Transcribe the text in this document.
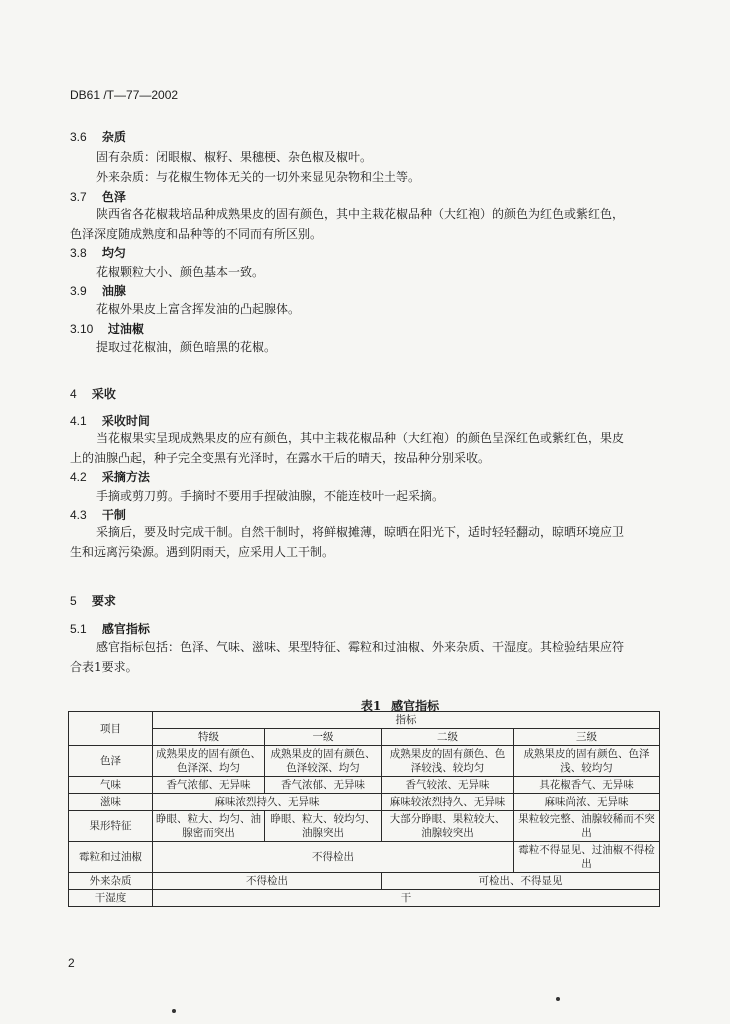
DB61 /T—77—2002
3.6 杂质
固有杂质：闭眼椒、椒籽、果穗梗、杂色椒及椒叶。
外来杂质：与花椒生物体无关的一切外来显见杂物和尘土等。
3.7 色泽
陕西省各花椒栽培品种成熟果皮的固有颜色，其中主栽花椒品种（大红袍）的颜色为红色或紫红色，色泽深度随成熟度和品种等的不同而有所区别。
3.8 均匀
花椒颗粒大小、颜色基本一致。
3.9 油腺
花椒外果皮上富含挥发油的凸起腺体。
3.10 过油椒
提取过花椒油，颜色暗黑的花椒。
4 采收
4.1 采收时间
当花椒果实呈现成熟果皮的应有颜色，其中主栽花椒品种（大红袍）的颜色呈深红色或紫红色，果皮上的油腺凸起，种子完全变黑有光泽时，在露水干后的晴天，按品种分别采收。
4.2 采摘方法
手摘或剪刀剪。手摘时不要用手捏破油腺，不能连枝叶一起采摘。
4.3 干制
采摘后，要及时完成干制。自然干制时，将鲜椒摊薄，晾晒在阳光下，适时轻轻翻动，晾晒环境应卫生和远离污染源。遇到阴雨天，应采用人工干制。
5 要求
5.1 感官指标
感官指标包括：色泽、气味、滋味、果型特征、霉粒和过油椒、外来杂质、干湿度。其检验结果应符合表1要求。
表1 感官指标
项目	指标			
	特级	一级	二级	三级
色泽	成熟果皮的固有颜色、色泽深、均匀	成熟果皮的固有颜色、色泽较深、均匀	成熟果皮的固有颜色、色泽较浅、较均匀	成熟果皮的固有颜色、色泽浅、较均匀
气味	香气浓郁、无异味	香气浓郁、无异味	香气较浓、无异味	具花椒香气、无异味
滋味	麻味浓烈持久、无异味		麻味较浓烈持久、无异味	麻味尚浓、无异味
果形特征	睁眼、粒大、均匀、油腺密而突出	睁眼、粒大、较均匀、油腺突出	大部分睁眼、果粒较大、油腺较突出	果粒较完整、油腺较稀而不突出
霉粒和过油椒	不得检出			霉粒不得显见、过油椒不得检出
外来杂质	不得检出		可检出、不得显见	
干湿度	干			
2
